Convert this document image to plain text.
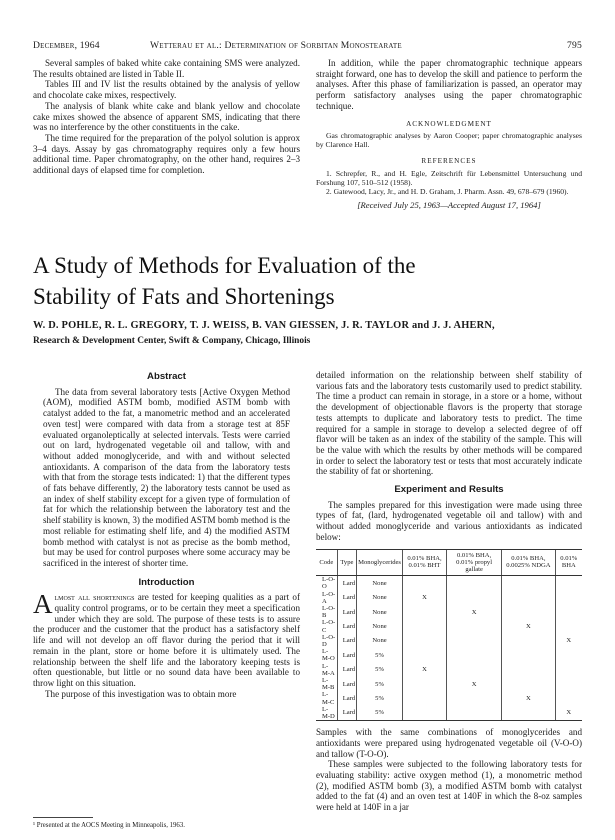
December, 1964	Wetterau et al.: Determination of Sorbitan Monostearate	795

Several samples of baked white cake containing SMS were analyzed. The results obtained are listed in Table II.

Tables III and IV list the results obtained by the analysis of yellow and chocolate cake mixes, respectively.

The analysis of blank white cake and blank yellow and chocolate cake mixes showed the absence of apparent SMS, indicating that there was no interference by the other constituents in the cake.

The time required for the preparation of the polyol solution is approx 3–4 days. Assay by gas chromatography requires only a few hours additional time. Paper chromatography, on the other hand, requires 2–3 additional days of elapsed time for completion.

In addition, while the paper chromatographic technique appears straight forward, one has to develop the skill and patience to perform the analyses. After this phase of familiarization is passed, an operator may perform satisfactory analyses using the paper chromatographic technique.

ACKNOWLEDGMENT

Gas chromatographic analyses by Aaron Cooper; paper chromatographic analyses by Clarence Hall.

REFERENCES

1. Schrepfer, R., and H. Egle, Zeitschrift für Lebensmittel Untersuchung und Forshung 107, 510–512 (1958).

2. Gatewood, Lacy, Jr., and H. D. Graham, J. Pharm. Assn. 49, 678–679 (1960).

[Received July 25, 1963—Accepted August 17, 1964]
A Study of Methods for Evaluation of the
Stability of Fats and Shortenings
W. D. POHLE, R. L. GREGORY, T. J. WEISS, B. VAN GIESSEN, J. R. TAYLOR and J. J. AHERN,
Research & Development Center, Swift & Company, Chicago, Illinois
Abstract

The data from several laboratory tests [Active Oxygen Method (AOM), modified ASTM bomb, modified ASTM bomb with catalyst added to the fat, a manometric method and an accelerated oven test] were compared with data from a storage test at 85F evaluated organoleptically at selected intervals. Tests were carried out on lard, hydrogenated vegetable oil and tallow, with and without added monoglyceride, and with and without selected antioxidants. A comparison of the data from the laboratory tests with that from the storage tests indicated: 1) that the different types of fats behave differently, 2) the laboratory tests cannot be used as an index of shelf stability except for a given type of formulation of fat for which the relationship between the laboratory test and the shelf stability is known, 3) the modified ASTM bomb method is the most reliable for estimating shelf life, and 4) the modified ASTM bomb method with catalyst is not as precise as the bomb method, but may be used for control purposes where some accuracy may be sacrificed in the interest of shorter time.

Introduction

Almost all shortenings are tested for keeping qualities as a part of quality control programs, or to be certain they meet a specification under which they are sold. The purpose of these tests is to assure the producer and the customer that the product has a satisfactory shelf life and will not develop an off flavor during the period that it will remain in the plant, store or home before it is ultimately used. The relationship between the shelf life and the laboratory keeping tests is often questionable, but little or no sound data have been available to throw light on this situation.

The purpose of this investigation was to obtain more

detailed information on the relationship between shelf stability of various fats and the laboratory tests customarily used to predict stability. The time a product can remain in storage, in a store or a home, without the development of objectionable flavors is the property that storage tests attempts to duplicate and laboratory tests to predict. The time required for a sample in storage to develop a selected degree of off flavor will be taken as an index of the stability of the sample. This will be the value with which the results by other methods will be compared in order to select the laboratory test or tests that most accurately indicate the stability of fat or shortening.

Experiment and Results

The samples prepared for this investigation were made using three types of fat, (lard, hydrogenated vegetable oil and tallow) with and without added monoglyceride and various antioxidants as indicated below:

Code	Type	Monoglycerides	0.01% BHA, 0.01% BHT	0.01% BHA, 0.01% propyl gallate	0.01% BHA, 0.0025% NDGA	0.01% BHA
L-O-O	Lard	None				
L-O-A	Lard	None	X			
L-O-B	Lard	None		X		
L-O-C	Lard	None			X	
L-O-D	Lard	None				X
L-M-O	Lard	5%				
L-M-A	Lard	5%	X			
L-M-B	Lard	5%		X		
L-M-C	Lard	5%			X	
L-M-D	Lard	5%				X

Samples with the same combinations of monoglycerides and antioxidants were prepared using hydrogenated vegetable oil (V-O-O) and tallow (T-O-O).

These samples were subjected to the following laboratory tests for evaluating stability: active oxygen method (1), a monometric method (2), modified ASTM bomb (3), a modified ASTM bomb with catalyst added to the fat (4) and an oven test at 140F in which the 8-oz samples were held at 140F in a jar

¹ Presented at the AOCS Meeting in Minneapolis, 1963.
